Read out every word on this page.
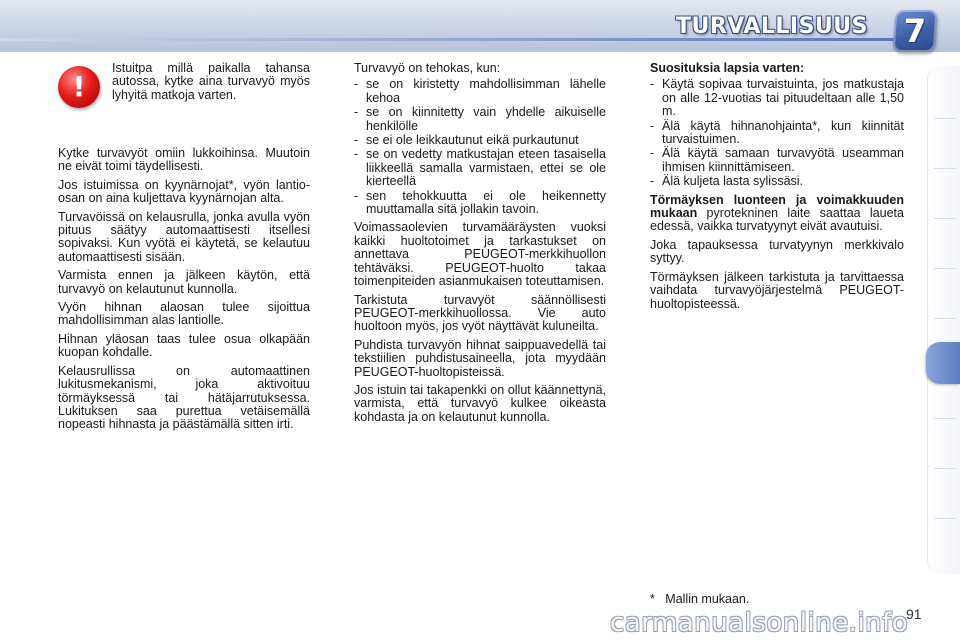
TURVALLISUUS	7
!
Istuitpa millä paikalla tahansa autossa, kytke aina turvavyö myös lyhyitä matkoja varten.

Kytke turvavyöt omiin lukkoihinsa. Muutoin ne eivät toimi täydellisesti.

Jos istuimissa on kyynärnojat*, vyön lantio-osan on aina kuljettava kyynärnojan alta.

Turvavöissä on kelausrulla, jonka avulla vyön pituus säätyy automaattisesti itsellesi sopivaksi. Kun vyötä ei käytetä, se kelautuu automaattisesti sisään.

Varmista ennen ja jälkeen käytön, että turvavyö on kelautunut kunnolla.

Vyön hihnan alaosan tulee sijoittua mahdollisimman alas lantiolle.

Hihnan yläosan taas tulee osua olkapään kuopan kohdalle.

Kelausrullissa on automaattinen lukitusmekanismi, joka aktivoituu törmäyksessä tai hätäjarrutuksessa. Lukituksen saa purettua vetäisemällä nopeasti hihnasta ja päästämällä sitten irti.

Turvavyö on tehokas, kun:

- se on kiristetty mahdollisimman lähelle kehoa
- se on kiinnitetty vain yhdelle aikuiselle henkilölle
- se ei ole leikkautunut eikä purkautunut
- se on vedetty matkustajan eteen tasaisella liikkeellä samalla varmistaen, ettei se ole kierteellä
- sen tehokkuutta ei ole heikennetty muuttamalla sitä jollakin tavoin.

Voimassaolevien turvamääräysten vuoksi kaikki huoltotoimet ja tarkastukset on annettava PEUGEOT-merkkihuollon tehtäväksi. PEUGEOT-huolto takaa toimenpiteiden asianmukaisen toteuttamisen.

Tarkistuta turvavyöt säännöllisesti PEUGEOT-merkkihuollossa. Vie auto huoltoon myös, jos vyöt näyttävät kuluneilta.

Puhdista turvavyön hihnat saippuavedellä tai tekstiilien puhdistusaineella, jota myydään PEUGEOT-huoltopisteissä.

Jos istuin tai takapenkki on ollut käännettynä, varmista, että turvavyö kulkee oikeasta kohdasta ja on kelautunut kunnolla.

Suosituksia lapsia varten:

- Käytä sopivaa turvaistuinta, jos matkustaja on alle 12-vuotias tai pituudeltaan alle 1,50 m.
- Älä käytä hihnanohjainta*, kun kiinnität turvaistuimen.
- Älä käytä samaan turvavyötä useamman ihmisen kiinnittämiseen.
- Älä kuljeta lasta sylissäsi.

Törmäyksen luonteen ja voimakkuuden mukaan pyrotekninen laite saattaa laueta edessä, vaikka turvatyynyt eivät avautuisi.

Joka tapauksessa turvatyynyn merkkivalo syttyy.

Törmäyksen jälkeen tarkistuta ja tarvittaessa vaihdata turvavyöjärjestelmä PEUGEOT-huoltopisteessä.

*   Mallin mukaan.
carmanualsonline.info
91
